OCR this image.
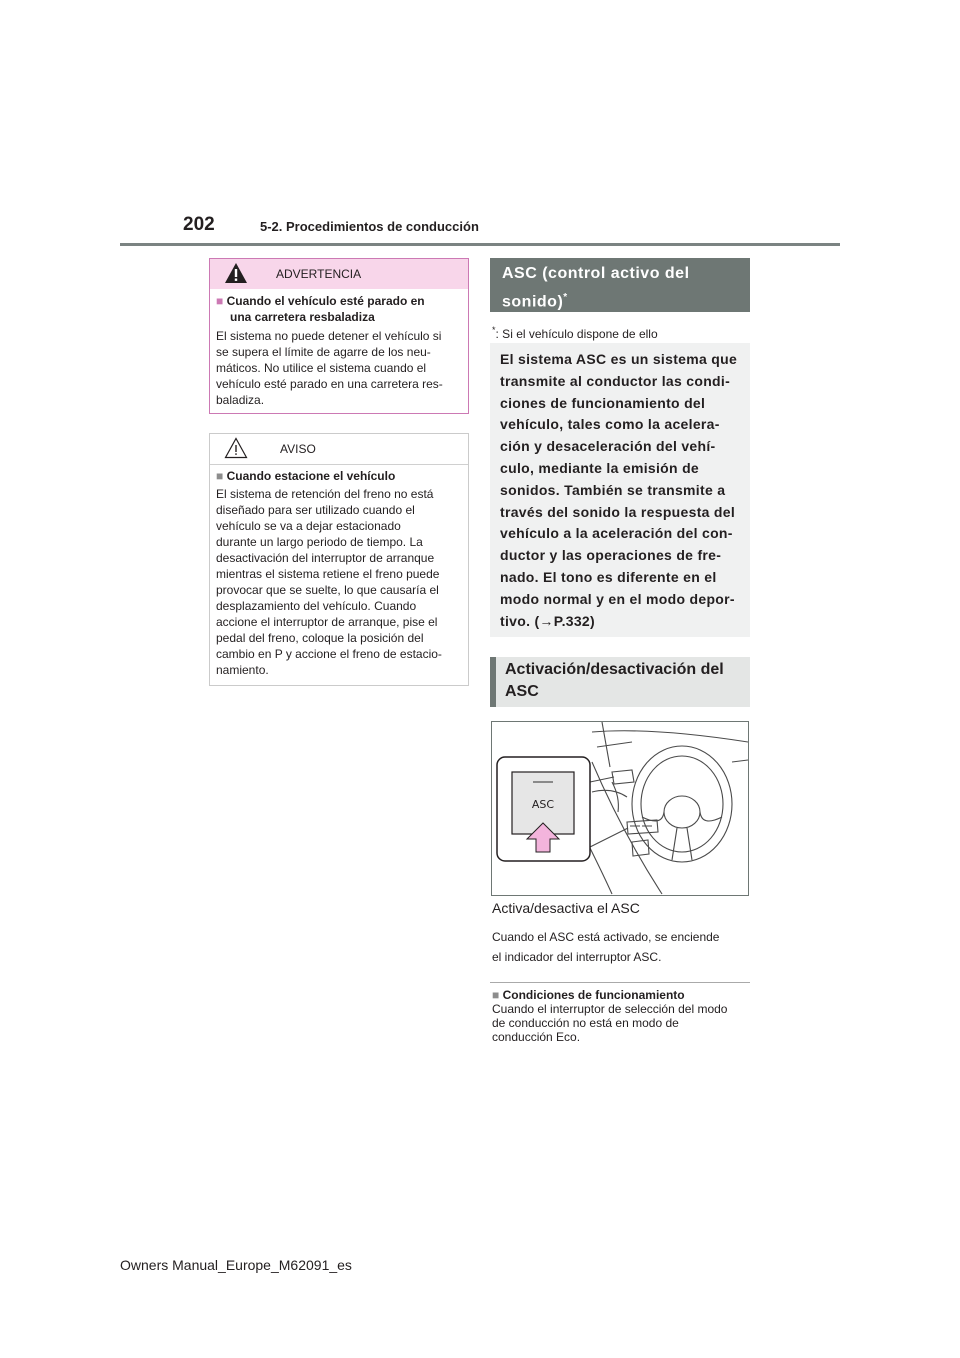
202	5-2. Procedimientos de conducción
ADVERTENCIA
■ Cuando el vehículo esté parado en
una carretera resbaladiza
El sistema no puede detener el vehículo si
se supera el límite de agarre de los neu-
máticos. No utilice el sistema cuando el
vehículo esté parado en una carretera res-
baladiza.
AVISO
■ Cuando estacione el vehículo
El sistema de retención del freno no está
diseñado para ser utilizado cuando el
vehículo se va a dejar estacionado
durante un largo periodo de tiempo. La
desactivación del interruptor de arranque
mientras el sistema retiene el freno puede
provocar que se suelte, lo que causaría el
desplazamiento del vehículo. Cuando
accione el interruptor de arranque, pise el
pedal del freno, coloque la posición del
cambio en P y accione el freno de estacio-
namiento.
ASC (control activo del
sonido)*
*: Si el vehículo dispone de ello
El sistema ASC es un sistema que
transmite al conductor las condi-
ciones de funcionamiento del
vehículo, tales como la acelera-
ción y desaceleración del vehí-
culo, mediante la emisión de
sonidos. También se transmite a
través del sonido la respuesta del
vehículo a la aceleración del con-
ductor y las operaciones de fre-
nado. El tono es diferente en el
modo normal y en el modo depor-
tivo. (→P.332)
Activación/desactivación del ASC
ASC
Activa/desactiva el ASC
Cuando el ASC está activado, se enciende
el indicador del interruptor ASC.
■ Condiciones de funcionamiento
Cuando el interruptor de selección del modo
de conducción no está en modo de
conducción Eco.
Owners Manual_Europe_M62091_es
